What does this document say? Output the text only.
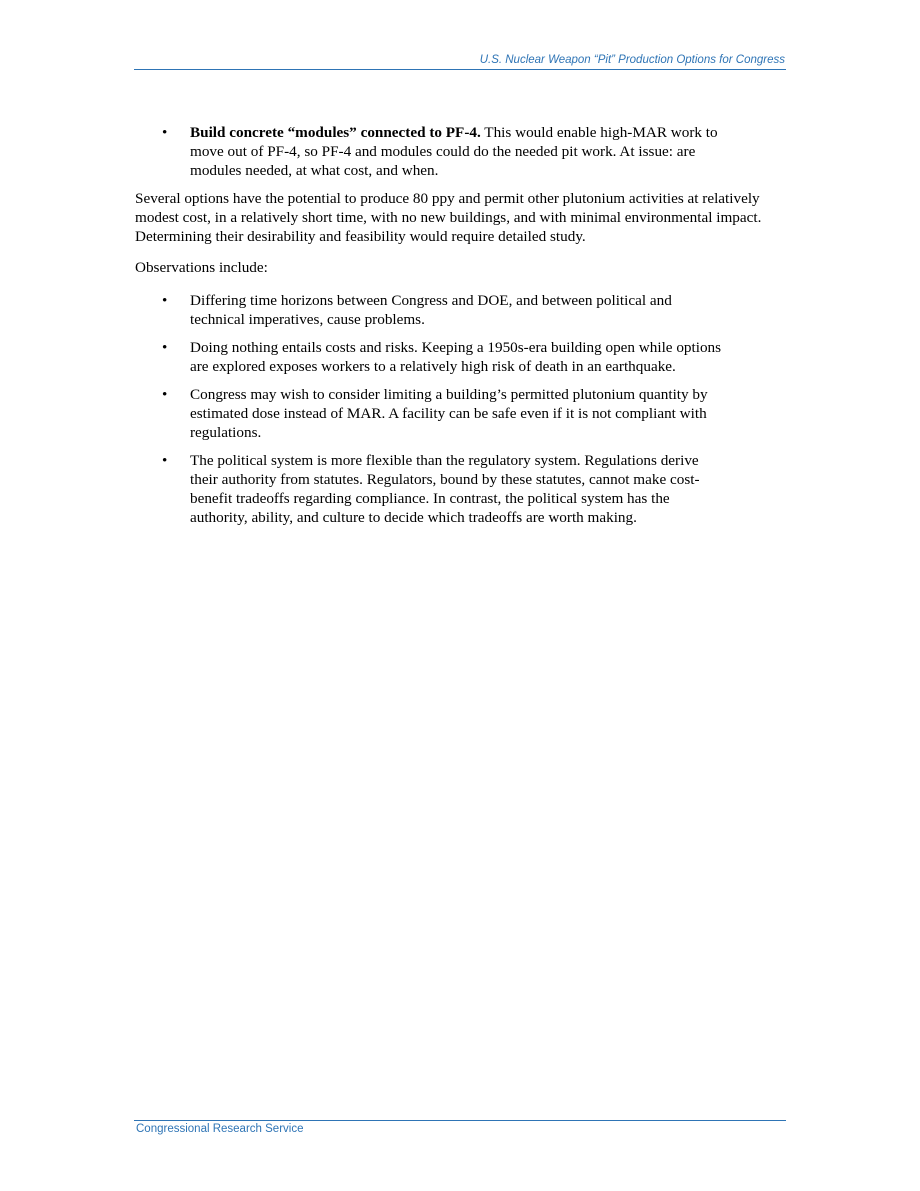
U.S. Nuclear Weapon “Pit” Production Options for Congress
• Build concrete “modules” connected to PF-4. This would enable high-MAR work to move out of PF-4, so PF-4 and modules could do the needed pit work. At issue: are modules needed, at what cost, and when.

Several options have the potential to produce 80 ppy and permit other plutonium activities at relatively modest cost, in a relatively short time, with no new buildings, and with minimal environmental impact. Determining their desirability and feasibility would require detailed study.

Observations include:

• Differing time horizons between Congress and DOE, and between political and technical imperatives, cause problems.
• Doing nothing entails costs and risks. Keeping a 1950s-era building open while options are explored exposes workers to a relatively high risk of death in an earthquake.
• Congress may wish to consider limiting a building’s permitted plutonium quantity by estimated dose instead of MAR. A facility can be safe even if it is not compliant with regulations.
• The political system is more flexible than the regulatory system. Regulations derive their authority from statutes. Regulators, bound by these statutes, cannot make cost-benefit tradeoffs regarding compliance. In contrast, the political system has the authority, ability, and culture to decide which tradeoffs are worth making.
Congressional Research Service
